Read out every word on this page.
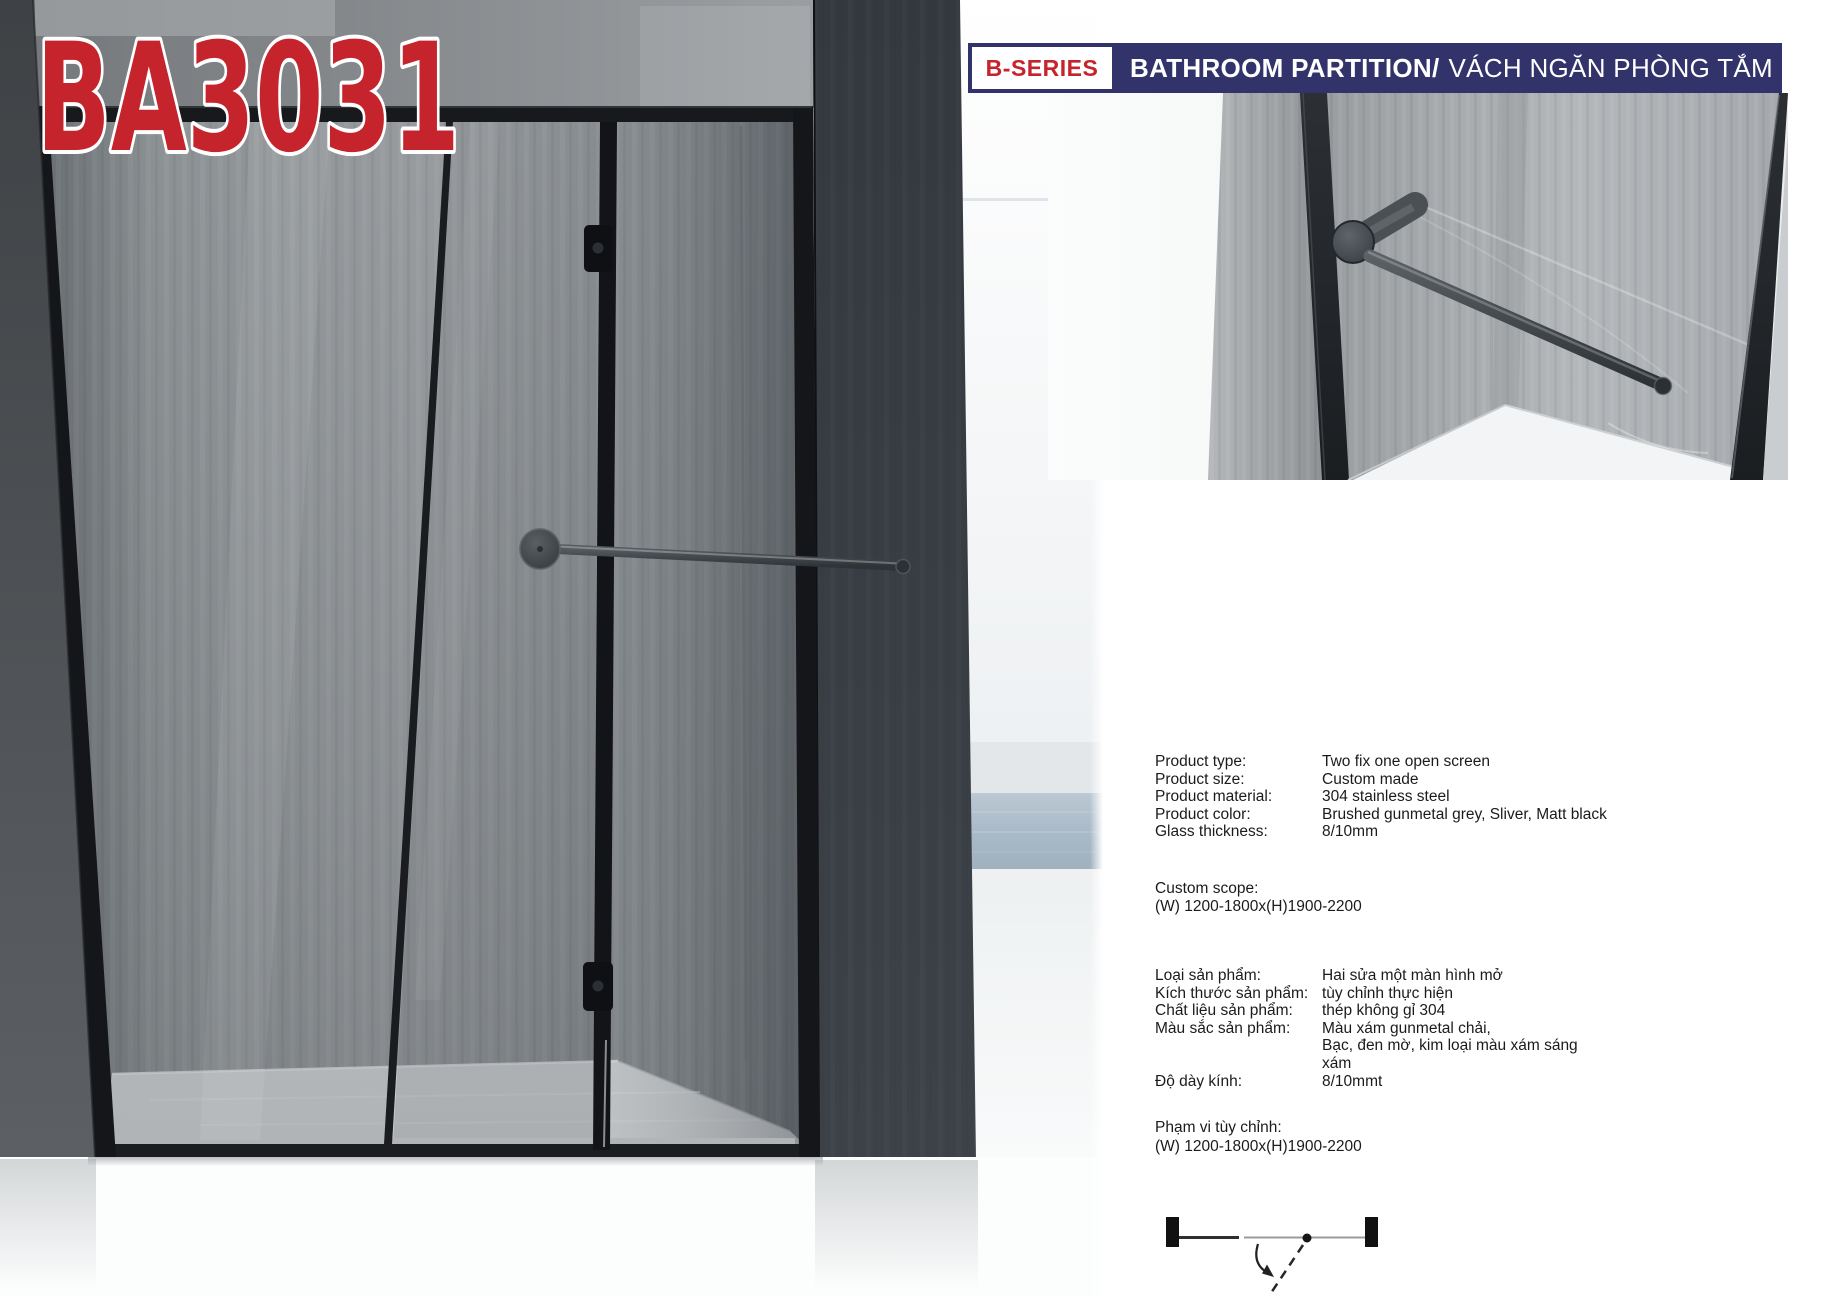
BA3031	B-SERIES BATHROOM PARTITION/ VÁCH NGĂN PHÒNG TẮM
Product type:	Two fix one open screen
Product size:	Custom made
Product material:	304 stainless steel
Product color:	Brushed gunmetal grey, Sliver, Matt black
Glass thickness:	8/10mm
Custom scope:
(W) 1200-1800x(H)1900-2200
Loại sản phẩm:	Hai sửa một màn hình mở
Kích thước sản phẩm: tùy chỉnh thực hiện
Chất liệu sản phẩm:	thép không gỉ 304
Màu sắc sản phẩm:	Màu xám gunmetal chải,
Bạc, đen mờ, kim loại màu xám sáng
xám
Độ dày kính:	8/10mmt
Phạm vi tùy chỉnh:
(W) 1200-1800x(H)1900-2200
